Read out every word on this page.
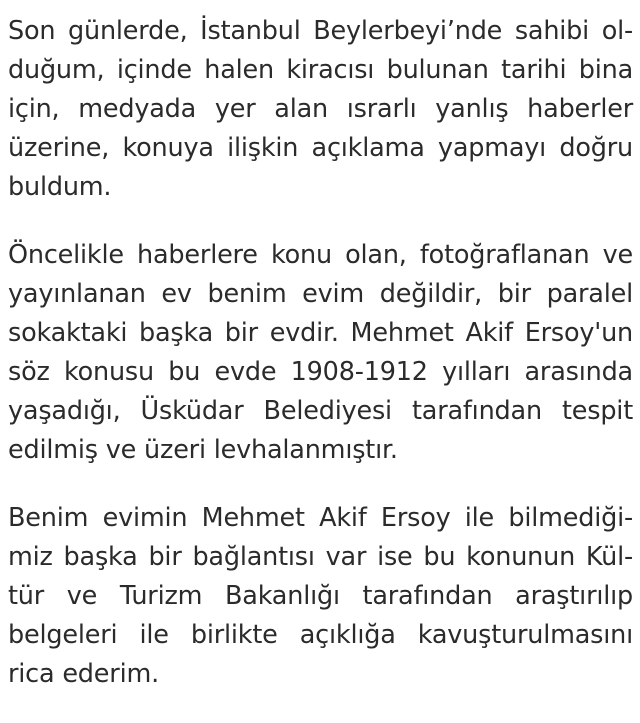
Son günlerde, İstanbul Beylerbeyi’nde sahibi ol-
duğum, içinde halen kiracısı bulunan tarihi bina
için, medyada yer alan ısrarlı yanlış haberler
üzerine, konuya ilişkin açıklama yapmayı doğru
buldum.
Öncelikle haberlere konu olan, fotoğraflanan ve
yayınlanan ev benim evim değildir, bir paralel
sokaktaki başka bir evdir. Mehmet Akif Ersoy'un
söz konusu bu evde 1908-1912 yılları arasında
yaşadığı, Üsküdar Belediyesi tarafından tespit
edilmiş ve üzeri levhalanmıştır.
Benim evimin Mehmet Akif Ersoy ile bilmediği-
miz başka bir bağlantısı var ise bu konunun Kül-
tür ve Turizm Bakanlığı tarafından araştırılıp
belgeleri ile birlikte açıklığa kavuşturulmasını
rica ederim.
